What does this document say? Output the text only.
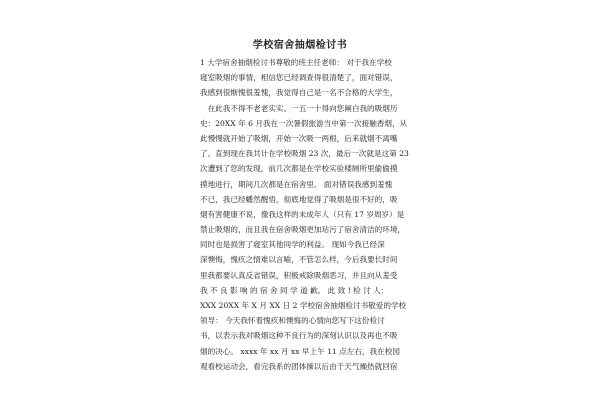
学校宿舍抽烟检讨书
1 大学宿舍抽烟检讨书尊敬的班主任老师： 对于我在学校
寝室吸烟的事情，相信您已经调查得很清楚了，面对错误，
我感到很惭愧很羞愧，我觉得自己是一名不合格的大学生，
　在此我不得不老老实实、一五一十得向您阐白我的吸烟历
史：20XX 年 6 月我在一次暑假旅游当中第一次接触香烟，从
此慢慢就开始了吸烟，开始一次吸一两根，后来就烟不离嘴
了。直到现在我共计在学校吸烟 23 次，最后一次就是这第 23
次遭到了您的发现，前几次都是在学校实验楼厕所里偷偷摸
摸地进行，期间几次都是在宿舍里。 面对错误我感到羞愧
不已，我已经幡然醒悟，彻底地觉得了吸烟是很不好的，吸
烟有害健康不说，像我这样的未成年人（只有 17 岁周岁）是
禁止吸烟的，而且我在宿舍吸烟更加玷污了宿舍清洁的环境，
同时也是损害了寝室其他同学的利益。 现如今我已经深
深懊悔，愧疚之情难以言喻，不管怎么样，今后我要长时间
里我都要认真反省错误，积极戒除吸烟恶习，并且向从羞受
我 不 良 影 响 的 宿 舍 同 学 道 歉。 此 致 ! 检 讨 人：
XXX 20XX 年 X 月 XX 日 2 学校宿舍抽烟检讨书敬爱的学校
领导： 今天我怀着愧疚和懊悔的心情向您写下这份检讨
书，以表示我对吸烟这种不良行为的深刻认识以及再也不吸
烟的决心。 xxxx 年 xx 月 xx 早上午 11 点左右，我在校园
观看校运动会，看完我系的团体操以后由于天气燥热就回宿
